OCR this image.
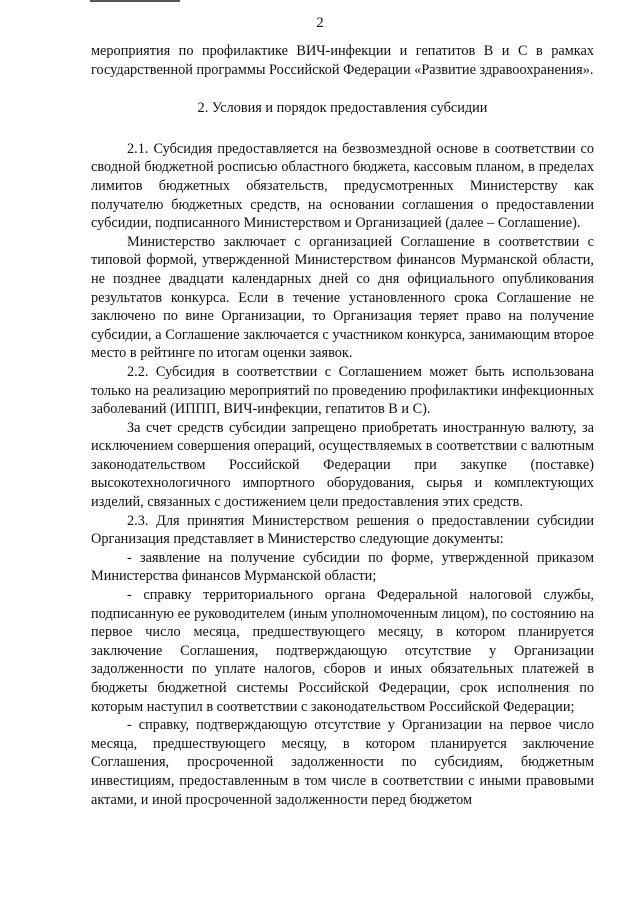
2

мероприятия по профилактике ВИЧ-инфекции и гепатитов В и С в рамках государственной программы Российской Федерации «Развитие здравоохранения».

2. Условия и порядок предоставления субсидии

2.1. Субсидия предоставляется на безвозмездной основе в соответствии со сводной бюджетной росписью областного бюджета, кассовым планом, в пределах лимитов бюджетных обязательств, предусмотренных Министерству как получателю бюджетных средств, на основании соглашения о предоставлении субсидии, подписанного Министерством и Организацией (далее – Соглашение).

Министерство заключает с организацией Соглашение в соответствии с типовой формой, утвержденной Министерством финансов Мурманской области, не позднее двадцати календарных дней со дня официального опубликования результатов конкурса. Если в течение установленного срока Соглашение не заключено по вине Организации, то Организация теряет право на получение субсидии, а Соглашение заключается с участником конкурса, занимающим второе место в рейтинге по итогам оценки заявок.

2.2. Субсидия в соответствии с Соглашением может быть использована только на реализацию мероприятий по проведению профилактики инфекционных заболеваний (ИППП, ВИЧ-инфекции, гепатитов В и С).

За счет средств субсидии запрещено приобретать иностранную валюту, за исключением совершения операций, осуществляемых в соответствии с валютным законодательством Российской Федерации при закупке (поставке) высокотехнологичного импортного оборудования, сырья и комплектующих изделий, связанных с достижением цели предоставления этих средств.

2.3. Для принятия Министерством решения о предоставлении субсидии Организация представляет в Министерство следующие документы:

- заявление на получение субсидии по форме, утвержденной приказом Министерства финансов Мурманской области;

- справку территориального органа Федеральной налоговой службы, подписанную ее руководителем (иным уполномоченным лицом), по состоянию на первое число месяца, предшествующего месяцу, в котором планируется заключение Соглашения, подтверждающую отсутствие у Организации задолженности по уплате налогов, сборов и иных обязательных платежей в бюджеты бюджетной системы Российской Федерации, срок исполнения по которым наступил в соответствии с законодательством Российской Федерации;

- справку, подтверждающую отсутствие у Организации на первое число месяца, предшествующего месяцу, в котором планируется заключение Соглашения, просроченной задолженности по субсидиям, бюджетным инвестициям, предоставленным в том числе в соответствии с иными правовыми актами, и иной просроченной задолженности перед бюджетом
